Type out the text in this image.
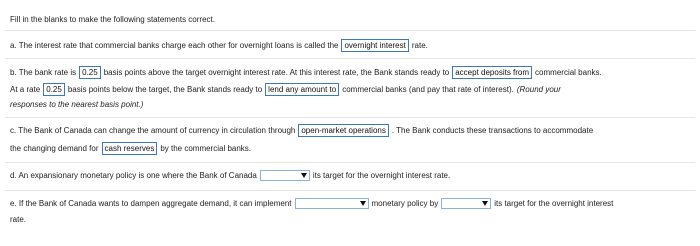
Fill in the blanks to make the following statements correct.
a. The interest rate that commercial banks charge each other for overnight loans is called the overnight interest rate.
b. The bank rate is 0.25 basis points above the target overnight interest rate. At this interest rate, the Bank stands ready to accept deposits from commercial banks.
At a rate 0.25 basis points below the target, the Bank stands ready to lend any amount to commercial banks (and pay that rate of interest). (Round your
responses to the nearest basis point.)
c. The Bank of Canada can change the amount of currency in circulation through open-market operations . The Bank conducts these transactions to accommodate
the changing demand for cash reserves by the commercial banks.
d. An expansionary monetary policy is one where the Bank of Canada	its target for the overnight interest rate.
e. If the Bank of Canada wants to dampen aggregate demand, it can implement	monetary policy by	its target for the overnight interest
rate.
